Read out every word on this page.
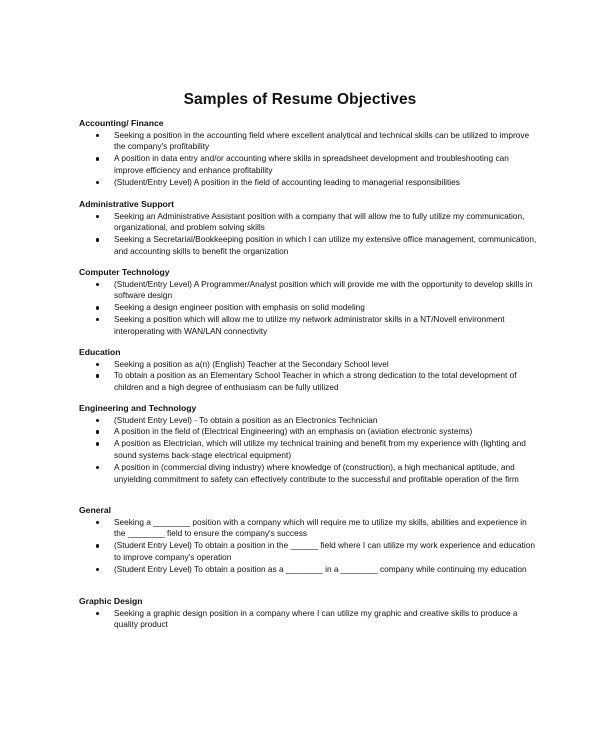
Samples of Resume Objectives
Accounting/ Finance
Seeking a position in the accounting field where excellent analytical and technical skills can be utilized to improve the company's profitability
A position in data entry and/or accounting where skills in spreadsheet development and troubleshooting can improve efficiency and enhance profitability
(Student/Entry Level) A position in the field of accounting leading to managerial responsibilities
Administrative Support
Seeking an Administrative Assistant position with a company that will allow me to fully utilize my communication, organizational, and problem solving skills
Seeking a Secretarial/Bookkeeping position in which I can utilize my extensive office management, communication, and accounting skills to benefit the organization
Computer Technology
(Student/Entry Level) A Programmer/Analyst position which will provide me with the opportunity to develop skills in software design
Seeking a design engineer position with emphasis on solid modeling
Seeking a position which will allow me to utilize my network administrator skills in a NT/Novell environment interoperating with WAN/LAN connectivity
Education
Seeking a position as a(n) (English) Teacher at the Secondary School level
To obtain a position as an Elementary School Teacher in which a strong dedication to the total development of children and a high degree of enthusiasm can be fully utilized
Engineering and Technology
(Student Entry Level) - To obtain a position as an Electronics Technician
A position in the field of (Electrical Engineering) with an emphasis on (aviation electronic systems)
A position as Electrician, which will utilize my technical training and benefit from my experience with (lighting and sound systems back-stage electrical equipment)
A position in (commercial diving industry) where knowledge of (construction), a high mechanical aptitude, and unyielding commitment to safety can effectively contribute to the successful and profitable operation of the firm
General
Seeking a ________ position with a company which will require me to utilize my skills, abilities and experience in the ________ field to ensure the company's success
(Student Entry Level) To obtain a position in the ______ field where I can utilize my work experience and education to improve company's operation
(Student Entry Level) To obtain a position as a ________ in a ________ company while continuing my education
Graphic Design
Seeking a graphic design position in a company where I can utilize my graphic and creative skills to produce a quality product
